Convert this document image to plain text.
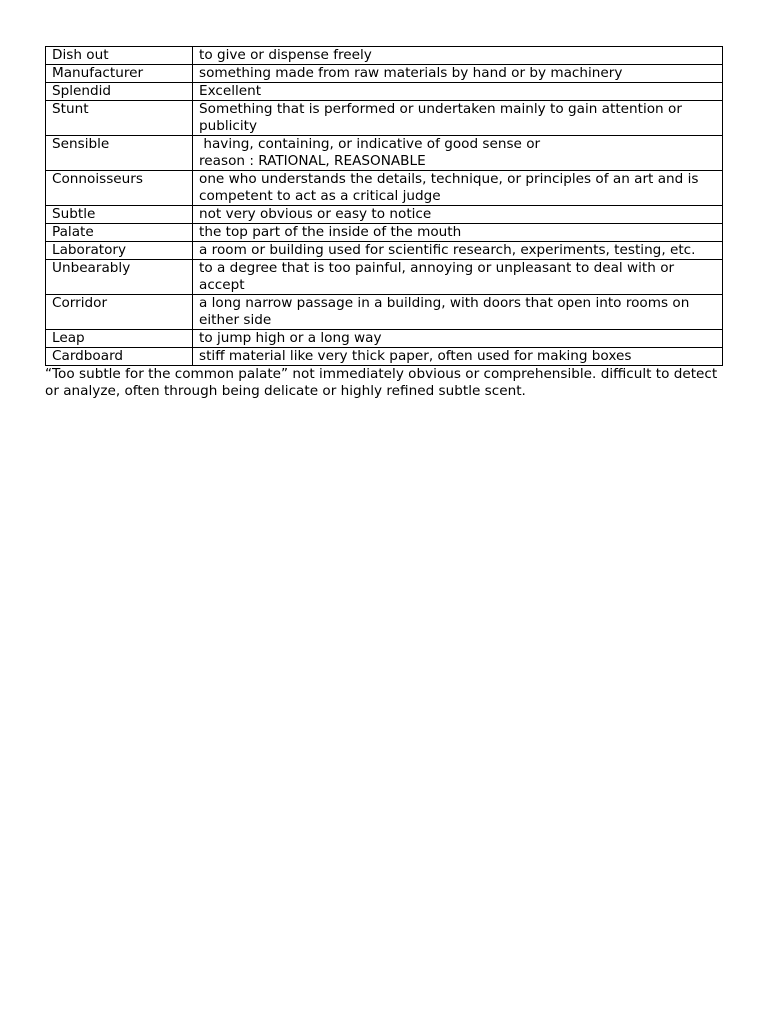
Dish out	to give or dispense freely
Manufacturer	something made from raw materials by hand or by machinery
Splendid	Excellent
Stunt	Something that is performed or undertaken mainly to gain attention or publicity
Sensible	having, containing, or indicative of good sense or
reason : RATIONAL, REASONABLE
Connoisseurs	one who understands the details, technique, or principles of an art and is competent to act as a critical judge
Subtle	not very obvious or easy to notice
Palate	the top part of the inside of the mouth
Laboratory	a room or building used for scientific research, experiments, testing, etc.
Unbearably	to a degree that is too painful, annoying or unpleasant to deal with or accept
Corridor	a long narrow passage in a building, with doors that open into rooms on either side
Leap	to jump high or a long way
Cardboard	stiff material like very thick paper, often used for making boxes

“Too subtle for the common palate” not immediately obvious or comprehensible. difficult to detect or analyze, often through being delicate or highly refined subtle scent.
